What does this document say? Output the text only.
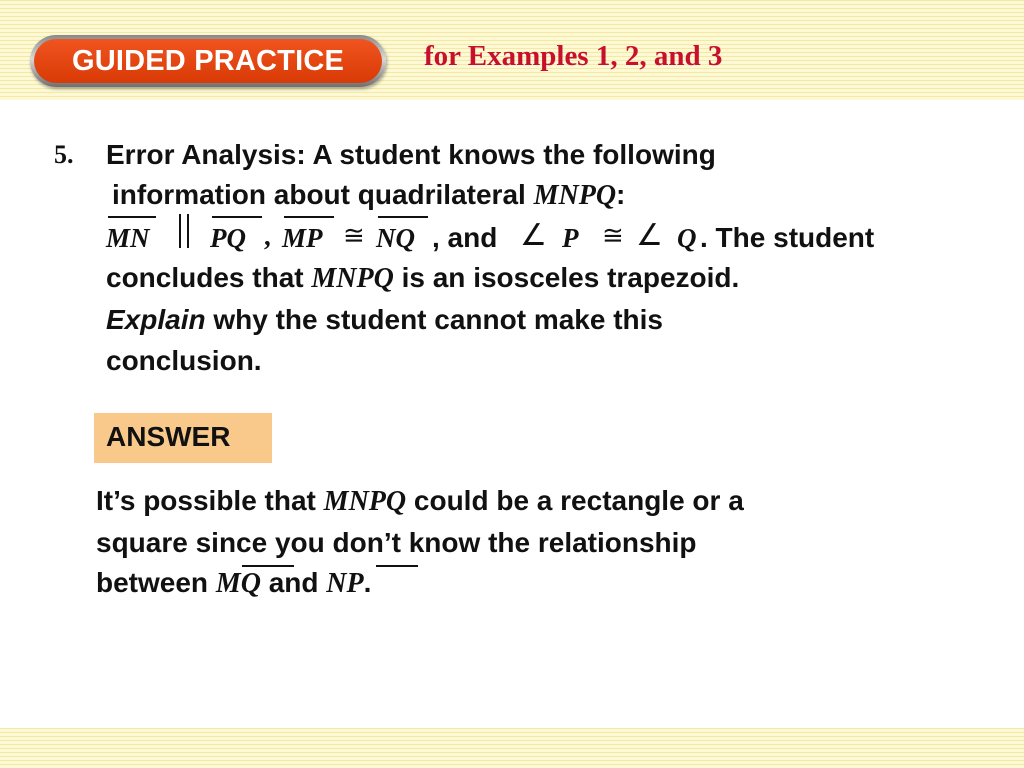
GUIDED PRACTICE	for Examples 1, 2, and 3
5. Error Analysis: A student knows the following
information about quadrilateral MNPQ:
MN PQ , MP ≅ NQ , and ∠ P ≅ ∠ Q . The student
concludes that MNPQ is an isosceles trapezoid.
Explain why the student cannot make this
conclusion.
ANSWER
It’s possible that MNPQ could be a rectangle or a
square since you don’t know the relationship
between MQ and NP.
